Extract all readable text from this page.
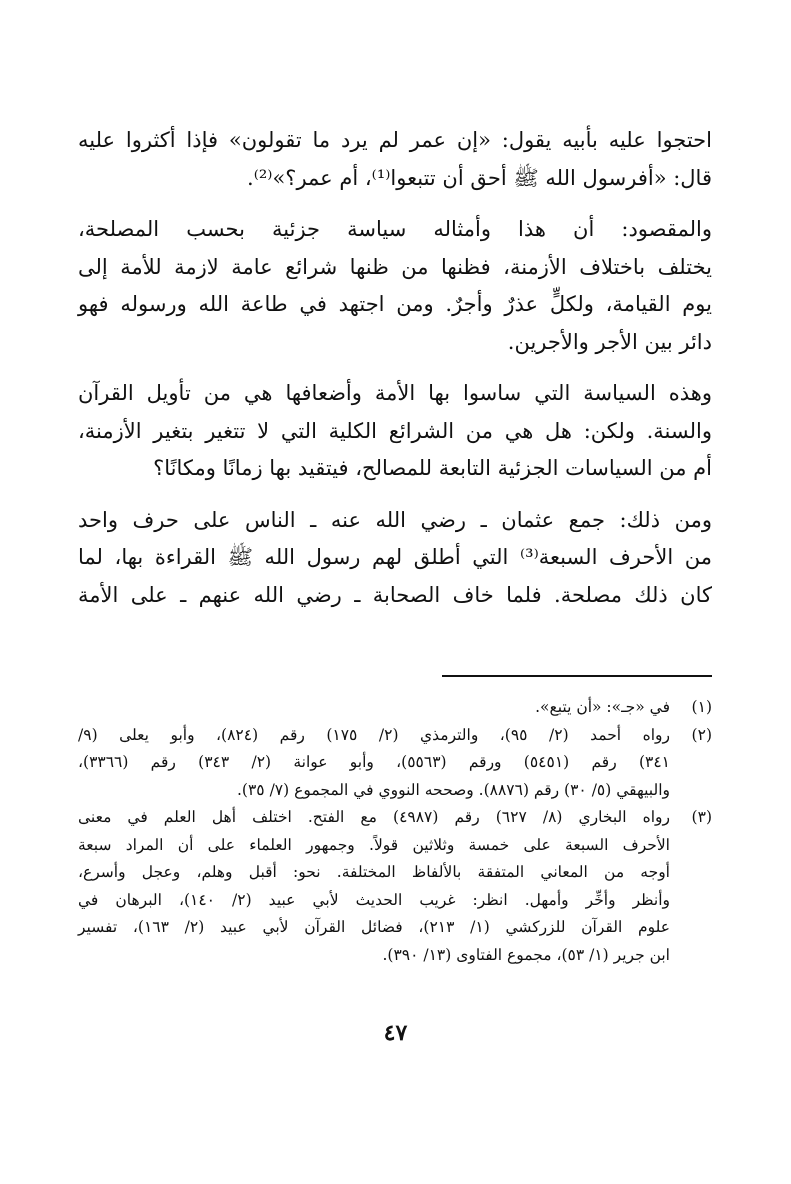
احتجوا عليه بأبيه يقول: «إن عمر لم يرد ما تقولون» فإذا أكثروا عليه
قال: «أفرسول الله ﷺ أحق أن تتبعوا⁽¹⁾، أم عمر؟»⁽²⁾.

والمقصود: أن هذا وأمثاله سياسة جزئية بحسب المصلحة،
يختلف باختلاف الأزمنة، فظنها من ظنها شرائع عامة لازمة للأمة إلى
يوم القيامة، ولكلٍّ عذرٌ وأجرٌ. ومن اجتهد في طاعة الله ورسوله فهو
دائر بين الأجر والأجرين.

وهذه السياسة التي ساسوا بها الأمة وأضعافها هي من تأويل القرآن
والسنة. ولكن: هل هي من الشرائع الكلية التي لا تتغير بتغير الأزمنة،
أم من السياسات الجزئية التابعة للمصالح، فيتقيد بها زمانًا ومكانًا؟

ومن ذلك: جمع عثمان ـ رضي الله عنه ـ الناس على حرف واحد
من الأحرف السبعة⁽³⁾ التي أطلق لهم رسول الله ﷺ القراءة بها، لما
كان ذلك مصلحة. فلما خاف الصحابة ـ رضي الله عنهم ـ على الأمة

(١)
في «جـ»: «أن يتبع».
(٢)
رواه أحمد (٢/ ٩٥)، والترمذي (٢/ ١٧٥) رقم (٨٢٤)، وأبو يعلى (٩/
٣٤١) رقم (٥٤٥١) ورقم (٥٥٦٣)، وأبو عوانة (٢/ ٣٤٣) رقم (٣٣٦٦)،
والبيهقي (٥/ ٣٠) رقم (٨٨٧٦). وصححه النووي في المجموع (٧/ ٣٥).
(٣)
رواه البخاري (٨/ ٦٢٧) رقم (٤٩٨٧) مع الفتح. اختلف أهل العلم في معنى
الأحرف السبعة على خمسة وثلاثين قولاً. وجمهور العلماء على أن المراد سبعة
أوجه من المعاني المتفقة بالألفاظ المختلفة. نحو: أقبل وهلم، وعجل وأسرع،
وأنظر وأخِّر وأمهل. انظر: غريب الحديث لأبي عبيد (٢/ ١٤٠)، البرهان في
علوم القرآن للزركشي (١/ ٢١٣)، فضائل القرآن لأبي عبيد (٢/ ١٦٣)، تفسير
ابن جرير (١/ ٥٣)، مجموع الفتاوى (١٣/ ٣٩٠).
٤٧
